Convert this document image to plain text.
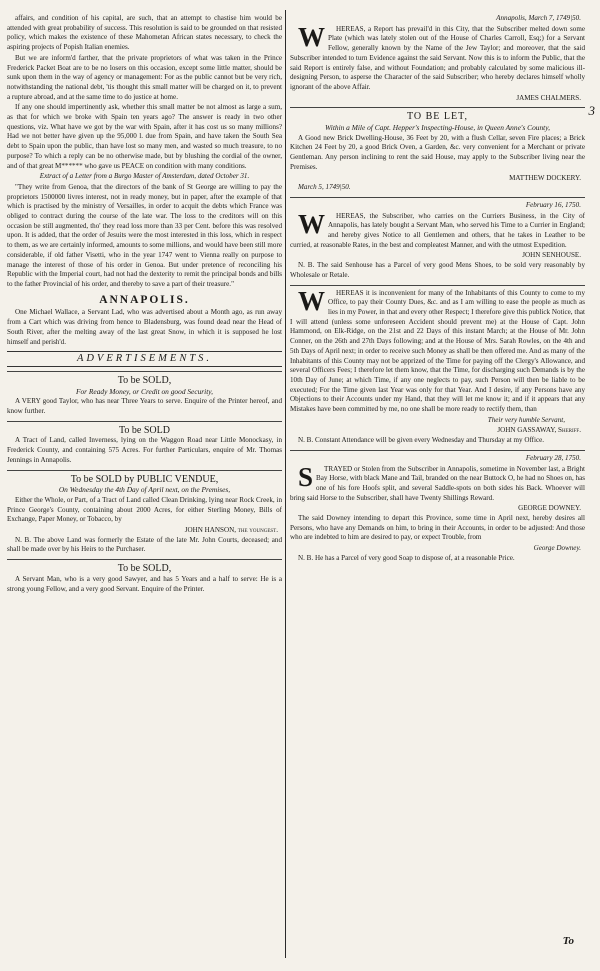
3

affairs, and condition of his capital, are such, that an attempt to chastise him would be attended with great probability of success. This resolution is said to be grounded on that resisted policy, which makes the existence of these Mahometan African states necessary, to check the aspiring projects of Popish Italian enemies.

But we are inform'd farther, that the private proprietors of what was taken in the Prince Frederick Packet Boat are to be no losers on this occasion, except some little matter, should be sunk upon them in the way of agency or management: For as the public cannot but be very rich, notwithstanding the national debt, 'tis thought this small matter will be charged on it, to prevent a rupture abroad, and at the same time to do justice at home.

If any one should impertinently ask, whether this small matter be not almost as large a sum, as that for which we broke with Spain ten years ago? The answer is ready in two other questions, viz. What have we got by the war with Spain, after it has cost us so many millions? Had we not better have given up the 95,000 l. due from Spain, and have taken the South Sea debt to Spain upon the public, than have lost so many men, and wasted so much treasure, to no purpose? To which a reply can be no otherwise made, but by blushing the cordial of the owner, and of that great M****** who gave us PEACE on condition with many conditions.

Extract of a Letter from a Burgo Master of Amsterdam, dated October 31.

"They write from Genoa, that the directors of the bank of St George are willing to pay the proprietors 1500000 livres interest, not in ready money, but in paper, after the example of that which is practised by the ministry of Versailles, in order to acquit the debts which France was obliged to contract during the course of the late war. The loss to the creditors will on this occasion be still augmented, tho' they read loss more than 33 per Cent. before this was resolved upon. It is added, that the order of Jesuits were the most interested in this loss, which in respect to them, as we are certainly informed, amounts to some millions, and would have been still more considerable, if old father Visetti, who in the year 1747 went to Vienna really on purpose to manage the interest of those of his order in Genoa. But under pretence of reconciling his Republic with the Imperial court, had not had the dexterity to remit the principal bonds and bills to the father Provincial of his order, and thereby to save a part of their treasure."

ANNAPOLIS.

One Michael Wallace, a Servant Lad, who was advertised about a Month ago, as run away from a Cart which was driving from hence to Bladensburg, was found dead near the Head of South River, after the melting away of the last great Snow, in which it is supposed he lost himself and perish'd.

ADVERTISEMENTS.
To be SOLD,
For Ready Money, or Credit on good Security,

A VERY good Taylor, who has near Three Years to serve. Enquire of the Printer hereof, and know further.

To be SOLD

A Tract of Land, called Inverness, lying on the Waggon Road near Little Monockasy, in Frederick County, and containing 575 Acres. For further Particulars, enquire of Mr. Thomas Jennings in Annapolis.

To be SOLD by PUBLIC VENDUE,
On Wednesday the 4th Day of April next, on the Premises,

Either the Whole, or Part, of a Tract of Land called Clean Drinking, lying near Rock Creek, in Prince George's County, containing about 2000 Acres, for either Sterling Money, Bills of Exchange, Paper Money, or Tobacco, by

JOHN HANSON, the youngest.

N. B. The above Land was formerly the Estate of the late Mr. John Courts, deceased; and shall be made over by his Heirs to the Purchaser.

To be SOLD,

A Servant Man, who is a very good Sawyer, and has 5 Years and a half to serve: He is a strong young Fellow, and a very good Servant. Enquire of the Printer.

Annapolis, March 7, 1749|50.

WHEREAS, a Report has prevail'd in this City, that the Subscriber melted down some Plate (which was lately stolen out of the House of Charles Carroll, Esq;) for a Servant Fellow, generally known by the Name of the Jew Taylor; and moreover, that the said Subscriber intended to turn Evidence against the said Servant. Now this is to inform the Public, that the said Report is entirely false, and without Foundation; and probably calculated by some malicious ill-designing Person, to asperse the Character of the said Subscriber; who hereby declares himself wholly ignorant of the above Affair.

JAMES CHALMERS.
TO BE LET,
Within a Mile of Capt. Hepper's Inspecting-House, in Queen Anne's County,

A Good new Brick Dwelling-House, 36 Feet by 20, with a flush Cellar, seven Fire places; a Brick Kitchen 24 Feet by 20, a good Brick Oven, a Garden, &c. very convenient for a Merchant or private Gentleman. Any person inclining to rent the said House, may apply to the Subscriber living near the Premises.

MATTHEW DOCKERY.
March 5, 1749|50.
February 16, 1750.

WHEREAS, the Subscriber, who carries on the Curriers Business, in the City of Annapolis, has lately bought a Servant Man, who served his Time to a Currier in England; and hereby gives Notice to all Gentlemen and others, that he takes in Leather to be curried, at reasonable Rates, in the best and compleatest Manner, and with the utmost Expedition.

JOHN SENHOUSE.

N. B. The said Senhouse has a Parcel of very good Mens Shoes, to be sold very reasonably by Wholesale or Retale.

WHEREAS it is inconvenient for many of the Inhabitants of this County to come to my Office, to pay their County Dues, &c. and as I am willing to ease the people as much as lies in my Power, in that and every other Respect; I therefore give this publick Notice, that I will attend (unless some unforeseen Accident should prevent me) at the House of Capt. John Hammond, on Elk-Ridge, on the 21st and 22 Days of this instant March; at the House of Mr. John Conner, on the 26th and 27th Days following; and at the House of Mrs. Sarah Rowles, on the 4th and 5th Days of April next; in order to receive such Money as shall be then offered me. And as many of the Inhabitants of this County may not be apprized of the Time for paying off the Clergy's Allowance, and several Officers Fees; I therefore let them know, that the Time, for discharging such Demands is by the 10th Day of June; at which Time, if any one neglects to pay, such Person will then be liable to be executed; For the Time given last Year was only for that Year. And I desire, if any Persons have any Objections to their Accounts under my Hand, that they will let me know it; and if it appears that any Mistakes have been committed by me, no one shall be more ready to rectify them, than

Their very humble Servant,
JOHN GASSAWAY, Sheriff.

N. B. Constant Attendance will be given every Wednesday and Thursday at my Office.

February 28, 1750.

STRAYED or Stolen from the Subscriber in Annapolis, sometime in November last, a Bright Bay Horse, with black Mane and Tail, branded on the near Buttock O, he had no Shoes on, has one of his fore Hoofs split, and several Saddle-spots on both sides his Back. Whoever will bring said Horse to the Subscriber, shall have Twenty Shillings Reward.

GEORGE DOWNEY.

The said Downey intending to depart this Province, some time in April next, hereby desires all Persons, who have any Demands on him, to bring in their Accounts, in order to be adjusted: And those who are indebted to him are desired to pay, or expect Trouble, from

George Downey.

N. B. He has a Parcel of very good Soap to dispose of, at a reasonable Price.

To
